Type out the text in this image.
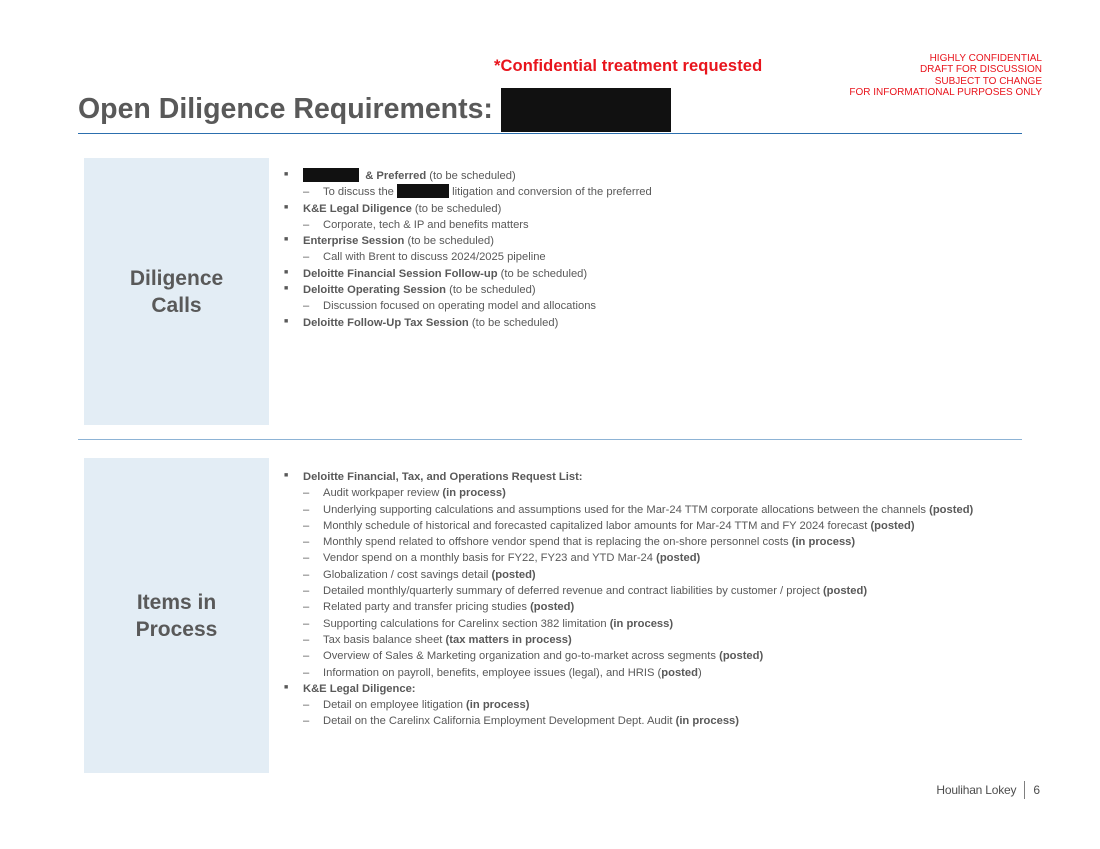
*Confidential treatment requested	HIGHLY CONFIDENTIAL
DRAFT FOR DISCUSSION
SUBJECT TO CHANGE
FOR INFORMATIONAL PURPOSES ONLY
Open Diligence Requirements:
Diligence
Calls
■	& Preferred (to be scheduled)
–	To discuss the	litigation and conversion of the preferred
■	K&E Legal Diligence (to be scheduled)
–	Corporate, tech & IP and benefits matters
■	Enterprise Session (to be scheduled)
–	Call with Brent to discuss 2024/2025 pipeline
■	Deloitte Financial Session Follow-up (to be scheduled)
■	Deloitte Operating Session (to be scheduled)
–	Discussion focused on operating model and allocations
■	Deloitte Follow-Up Tax Session (to be scheduled)
Items in
Process
■	Deloitte Financial, Tax, and Operations Request List:
–	Audit workpaper review (in process)
–	Underlying supporting calculations and assumptions used for the Mar-24 TTM corporate allocations between the channels (posted)
–	Monthly schedule of historical and forecasted capitalized labor amounts for Mar-24 TTM and FY 2024 forecast (posted)
–	Monthly spend related to offshore vendor spend that is replacing the on-shore personnel costs (in process)
–	Vendor spend on a monthly basis for FY22, FY23 and YTD Mar-24 (posted)
–	Globalization / cost savings detail (posted)
–	Detailed monthly/quarterly summary of deferred revenue and contract liabilities by customer / project (posted)
–	Related party and transfer pricing studies (posted)
–	Supporting calculations for Carelinx section 382 limitation (in process)
–	Tax basis balance sheet (tax matters in process)
–	Overview of Sales & Marketing organization and go-to-market across segments (posted)
–	Information on payroll, benefits, employee issues (legal), and HRIS (posted)
■	K&E Legal Diligence:
–	Detail on employee litigation (in process)
–	Detail on the Carelinx California Employment Development Dept. Audit (in process)
Houlihan Lokey 6
